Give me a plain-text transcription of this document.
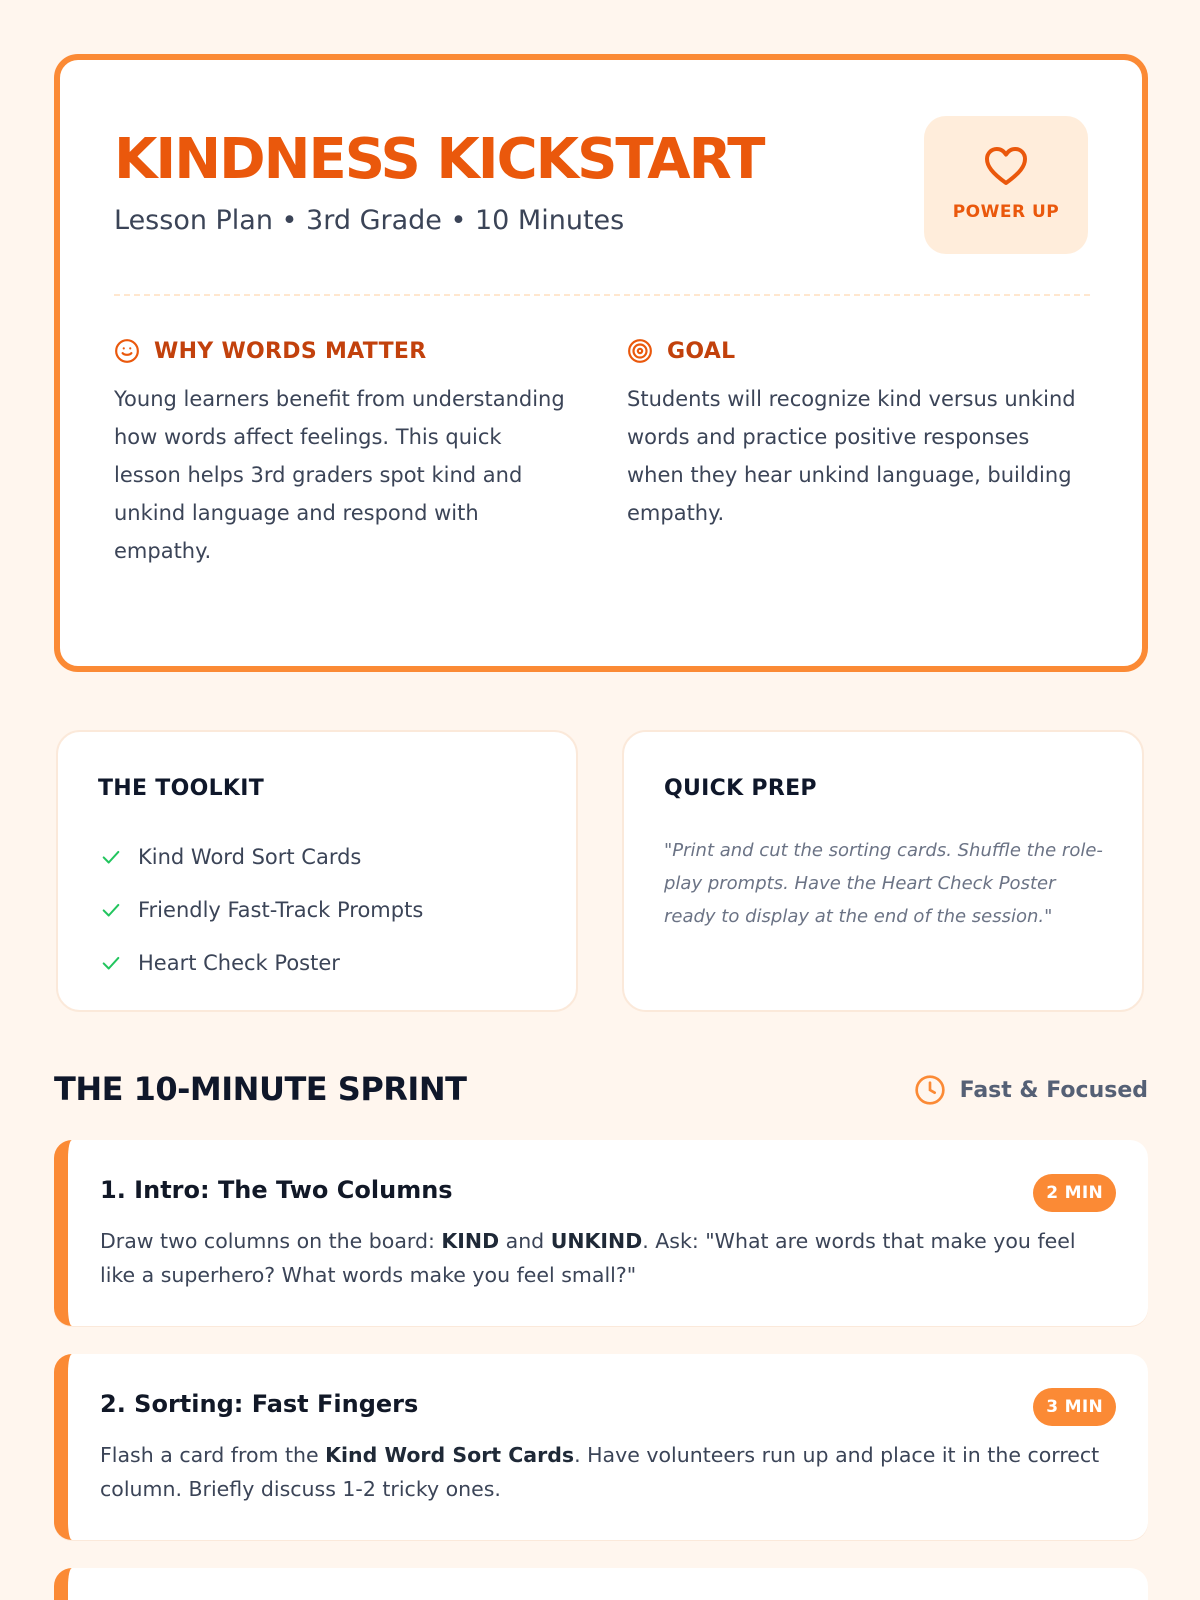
KINDNESS KICKSTART
Lesson Plan • 3rd Grade • 10 Minutes	POWER UP
WHY WORDS MATTER

Young learners benefit from understanding how words affect feelings. This quick lesson helps 3rd graders spot kind and unkind language and respond with empathy.

GOAL

Students will recognize kind versus unkind words and practice positive responses when they hear unkind language, building empathy.

THE TOOLKIT
Kind Word Sort Cards
Friendly Fast-Track Prompts
Heart Check Poster
QUICK PREP

"Print and cut the sorting cards. Shuffle the role-play prompts. Have the Heart Check Poster ready to display at the end of the session."

THE 10-MINUTE SPRINT	Fast & Focused
1. Intro: The Two Columns	2 MIN

Draw two columns on the board: KIND and UNKIND. Ask: "What are words that make you feel like a superhero? What words make you feel small?"

2. Sorting: Fast Fingers	3 MIN

Flash a card from the Kind Word Sort Cards. Have volunteers run up and place it in the correct column. Briefly discuss 1-2 tricky ones.
